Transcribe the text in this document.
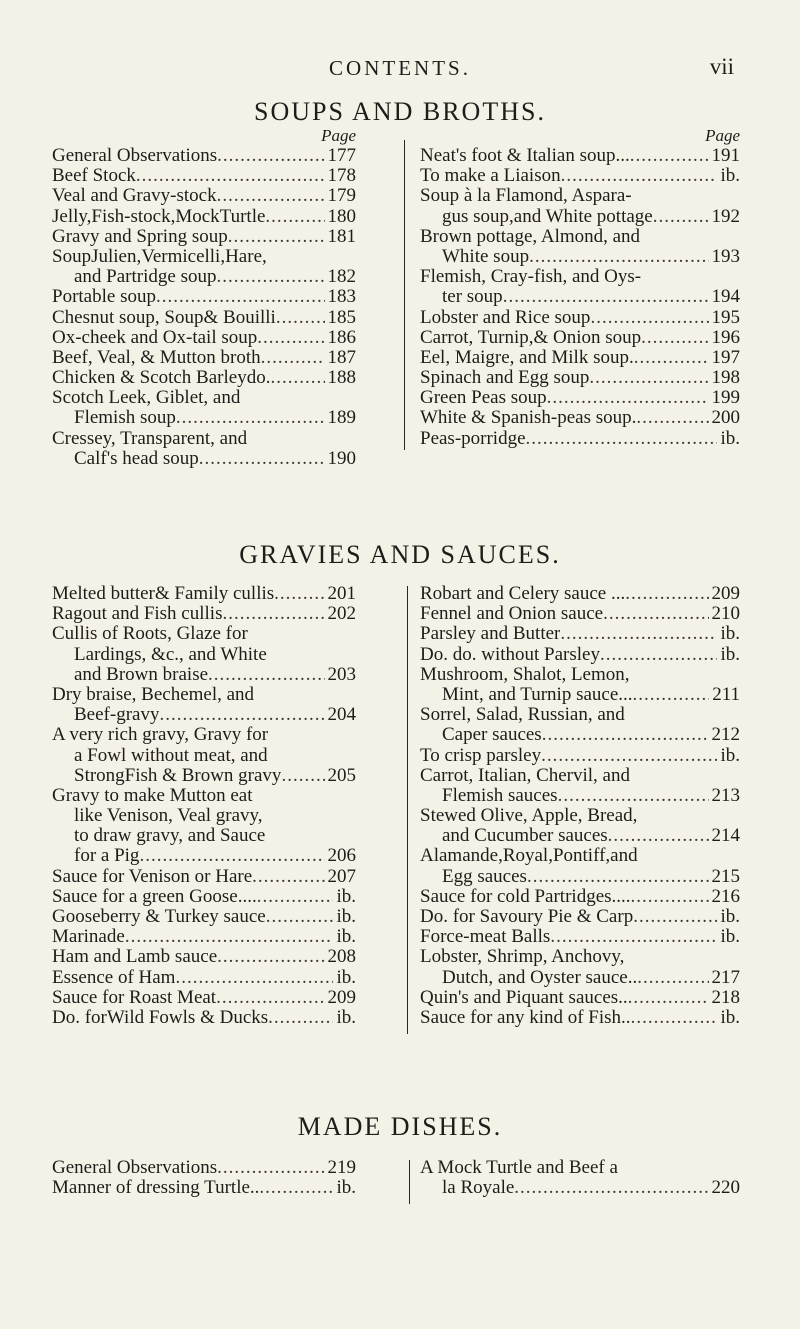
CONTENTS.	vii
SOUPS AND BROTHS.
Page
General Observations .....	177
Beef Stock .....	178
Veal and Gravy-stock .....	179
Jelly,Fish-stock,MockTurtle .....	180
Gravy and Spring soup .....	181
SoupJulien,Vermicelli,Hare,
and Partridge soup .....	182
Portable soup .....	183
Chesnut soup, Soup& Bouilli .....	185
Ox-cheek and Ox-tail soup .....	186
Beef, Veal, & Mutton broth .....	187
Chicken & Scotch Barleydo. .....	188
Scotch Leek, Giblet, and
Flemish soup .....	189
Cressey, Transparent, and
Calf's head soup .....	190
Page
Neat's foot & Italian soup... .....	191
To make a Liaison .....	ib.
Soup à la Flamond, Aspara-
gus soup,and White pottage .....	192
Brown pottage, Almond, and
White soup .....	193
Flemish, Cray-fish, and Oys-
ter soup .....	194
Lobster and Rice soup .....	195
Carrot, Turnip,& Onion soup .....	196
Eel, Maigre, and Milk soup. .....	197
Spinach and Egg soup .....	198
Green Peas soup .....	199
White & Spanish-peas soup. .....	200
Peas-porridge .....	ib.
GRAVIES AND SAUCES.
Melted butter& Family cullis .....	201
Ragout and Fish cullis .....	202
Cullis of Roots, Glaze for
Lardings, &c., and White
and Brown braise .....	203
Dry braise, Bechemel, and
Beef-gravy .....	204
A very rich gravy, Gravy for
a Fowl without meat, and
StrongFish & Brown gravy ..... 205
Gravy to make Mutton eat
like Venison, Veal gravy,
to draw gravy, and Sauce
for a Pig .....	206
Sauce for Venison or Hare .....	207
Sauce for a green Goose.... .....	ib.
Gooseberry & Turkey sauce .....	ib.
Marinade .....	ib.
Ham and Lamb sauce .....	208
Essence of Ham .....	ib.
Sauce for Roast Meat .....	209
Do. forWild Fowls & Ducks .....	ib.
Robart and Celery sauce ... .....	209
Fennel and Onion sauce .....	210
Parsley and Butter .....	ib.
Do. do. without Parsley .....	ib.
Mushroom, Shalot, Lemon,
Mint, and Turnip sauce... .....	211
Sorrel, Salad, Russian, and
Caper sauces .....	212
To crisp parsley .....	ib.
Carrot, Italian, Chervil, and
Flemish sauces .....	213
Stewed Olive, Apple, Bread,
and Cucumber sauces .....	214
Alamande,Royal,Pontiff,and
Egg sauces .....	215
Sauce for cold Partridges.... .....	216
Do. for Savoury Pie & Carp .....	ib.
Force-meat Balls .....	ib.
Lobster, Shrimp, Anchovy,
Dutch, and Oyster sauce.. .....	217
Quin's and Piquant sauces.. .....	218
Sauce for any kind of Fish.. .....	ib.
MADE DISHES.
General Observations .....	219
Manner of dressing Turtle.. .....	ib.
A Mock Turtle and Beef a
la Royale .....	220
